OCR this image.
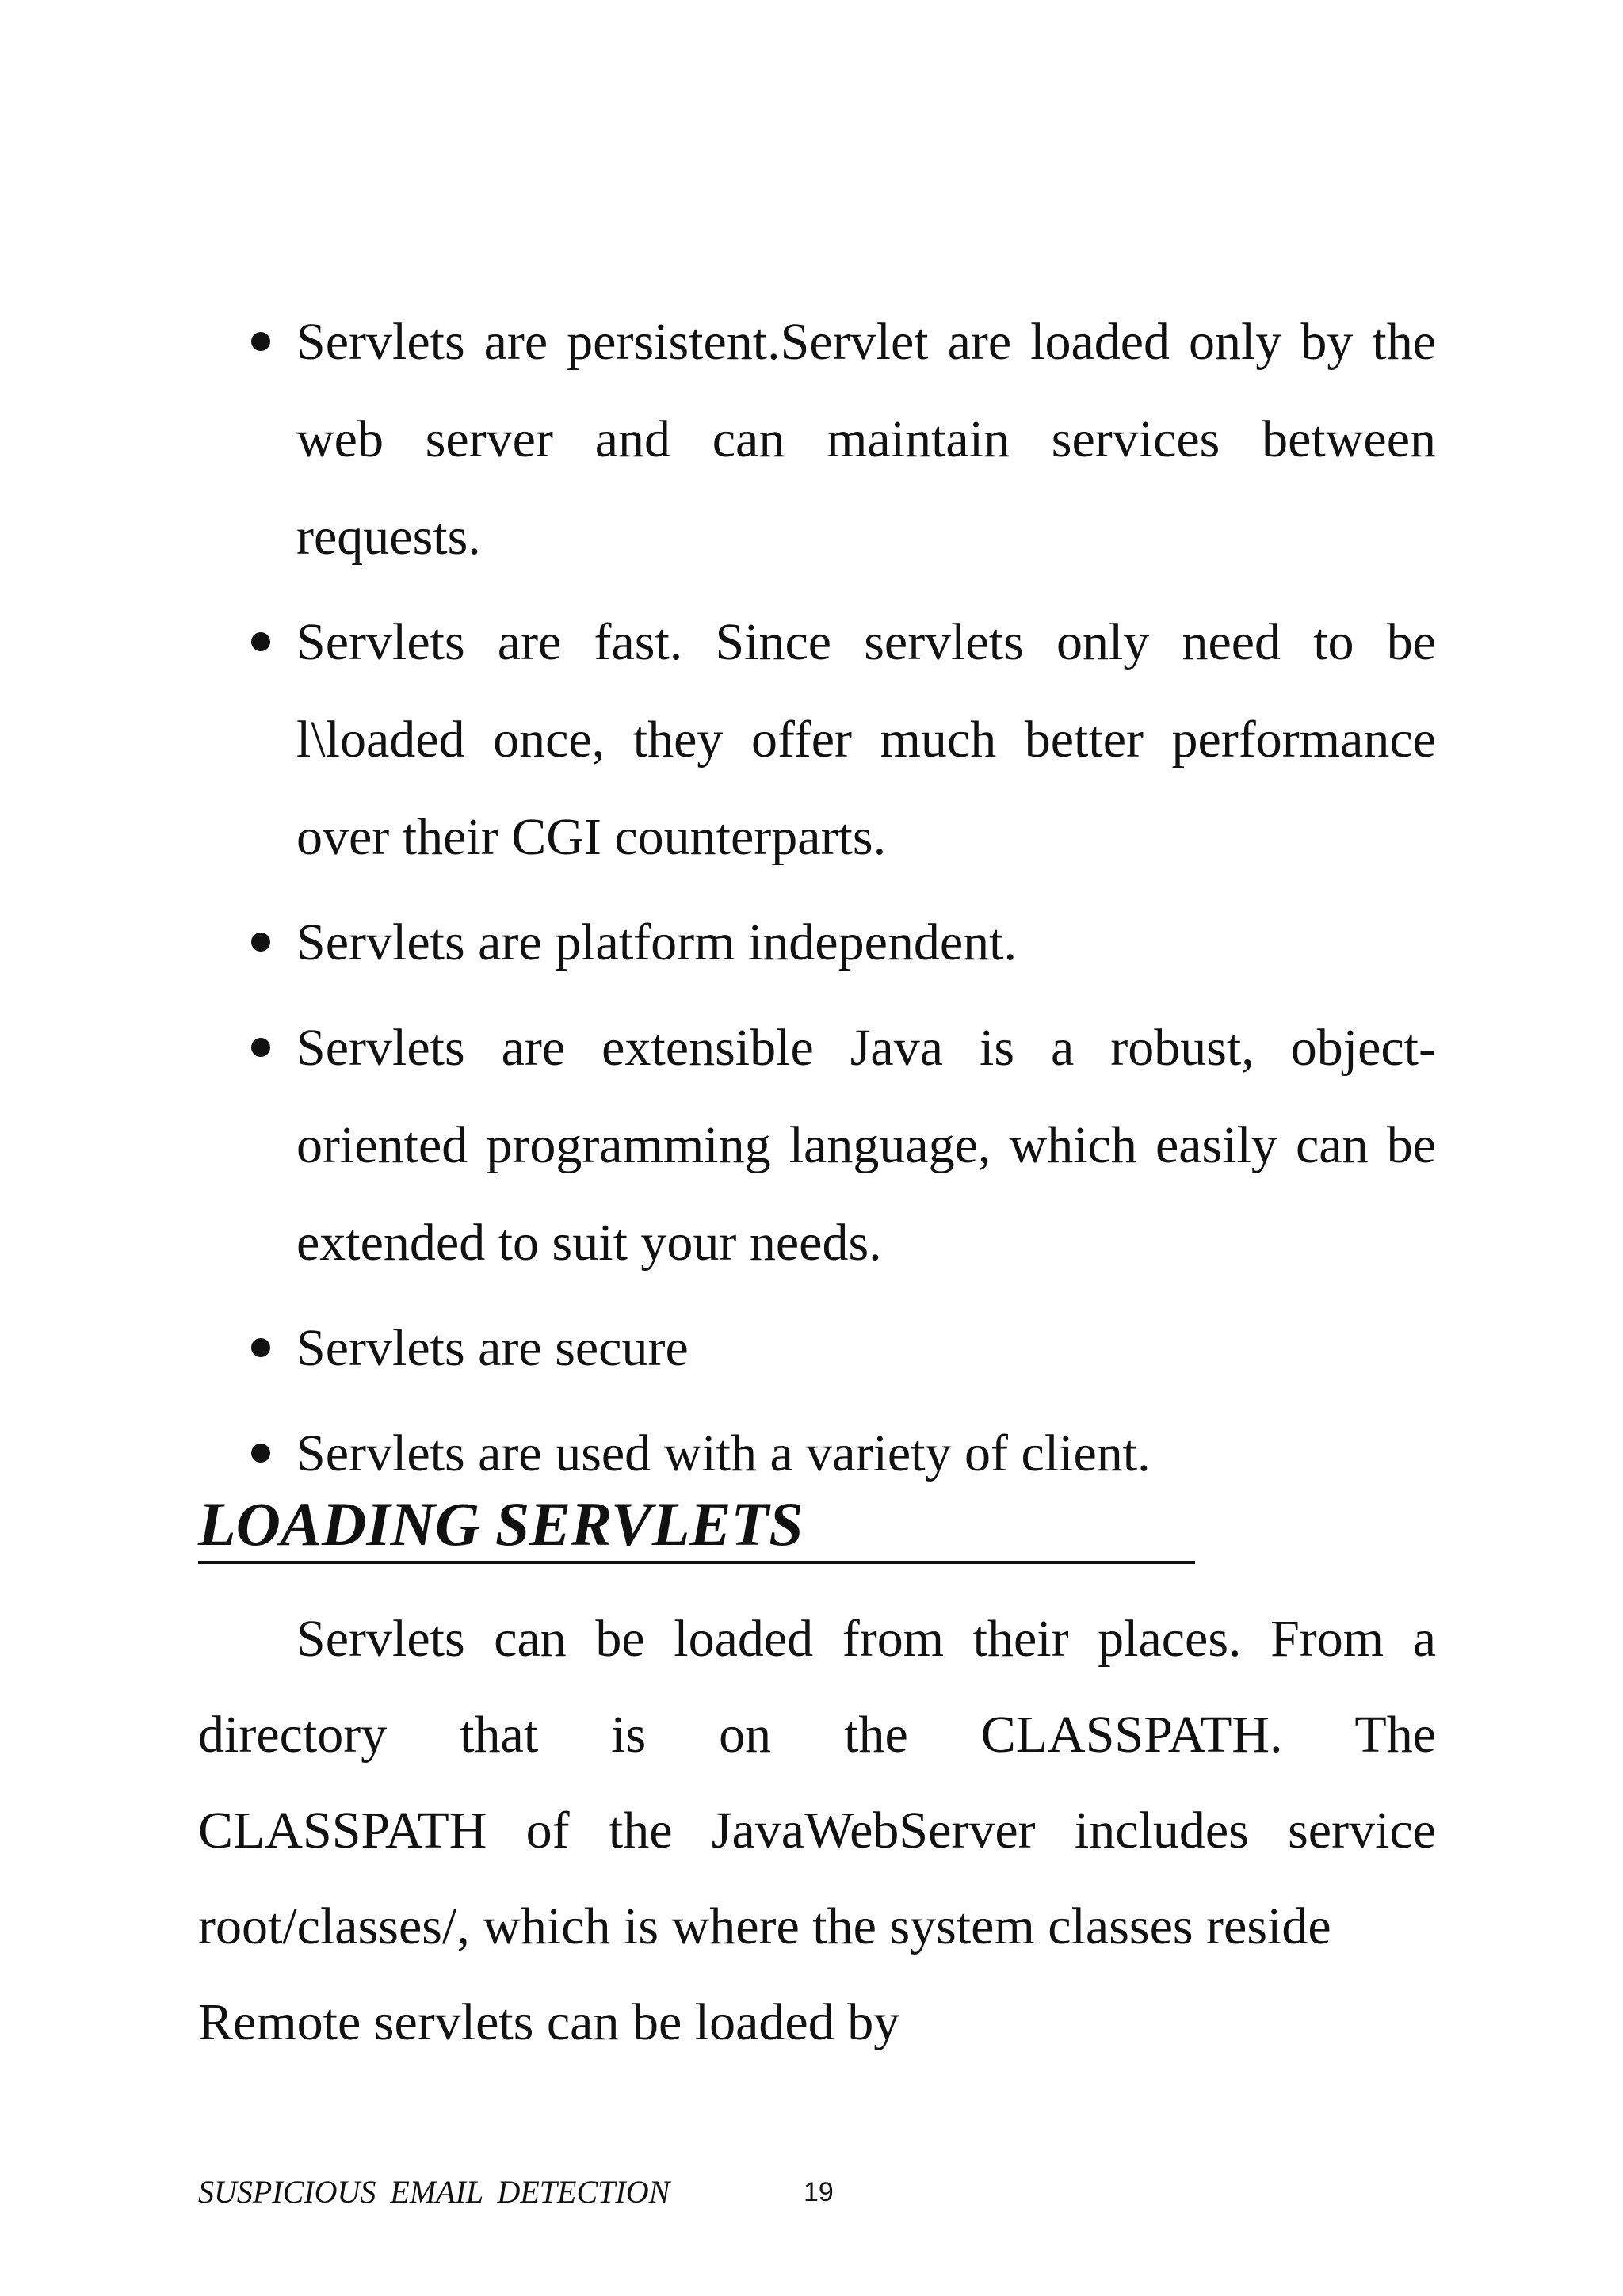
Servlets are persistent.Servlet are loaded only by the web server and can maintain services between requests.
Servlets are fast. Since servlets only need to be l\loaded once, they offer much better performance over their CGI counterparts.
Servlets are platform independent.
Servlets are extensible Java is a robust, object-oriented programming language, which easily can be extended to suit your needs.
Servlets are secure
Servlets are used with a variety of client.
LOADING SERVLETS

Servlets can be loaded from their places. From a
directory that is on the CLASSPATH. The
CLASSPATH of the JavaWebServer includes service
root/classes/, which is where the system classes reside
Remote servlets can be loaded by

SUSPICIOUS EMAIL DETECTION	19
